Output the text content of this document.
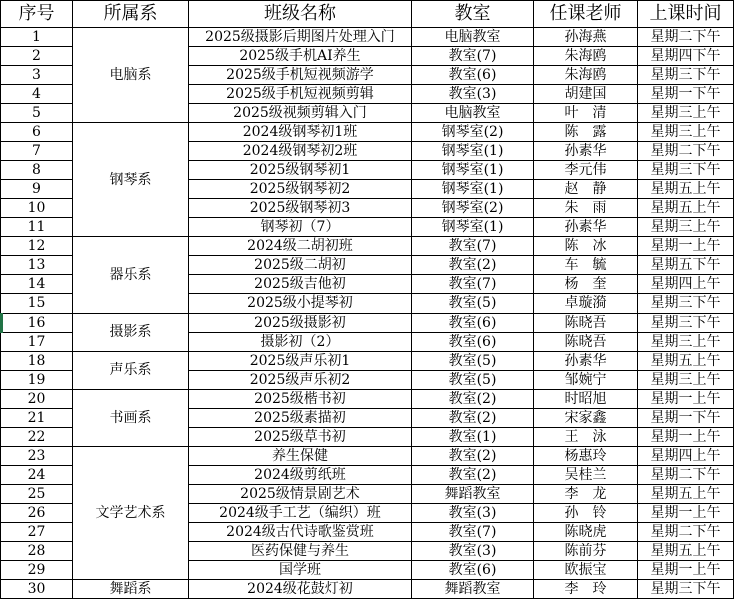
序号	所属系	班级名称	教室	任课老师	上课时间
1	电脑系	2025级摄影后期图片处理入门	电脑教室	孙海燕	星期二下午
2		2025级手机AI养生	教室(7)	朱海鸥	星期四下午
3		2025级手机短视频游学	教室(6)	朱海鸥	星期三下午
4		2025级手机短视频剪辑	教室(3)	胡建国	星期一下午
5		2025级视频剪辑入门	电脑教室	叶　清	星期三上午
6	钢琴系	2024级钢琴初1班	钢琴室(2)	陈　露	星期三上午
7		2024级钢琴初2班	钢琴室(1)	孙素华	星期二下午
8		2025级钢琴初1	钢琴室(1)	李元伟	星期三下午
9		2025级钢琴初2	钢琴室(1)	赵　静	星期五上午
10		2025级钢琴初3	钢琴室(2)	朱　雨	星期五上午
11		钢琴初（7）	钢琴室(1)	孙素华	星期三上午
12	器乐系	2024级二胡初班	教室(7)	陈　冰	星期一上午
13		2025级二胡初	教室(2)	车　毓	星期五下午
14		2025级吉他初	教室(7)	杨　奎	星期四上午
15		2025级小提琴初	教室(5)	卓璇漪	星期三下午
16	摄影系	2025级摄影初	教室(6)	陈晓吾	星期三下午
17		摄影初（2）	教室(6)	陈晓吾	星期三上午
18	声乐系	2025级声乐初1	教室(5)	孙素华	星期五上午
19		2025级声乐初2	教室(5)	邹婉宁	星期三上午
20	书画系	2025级楷书初	教室(2)	时昭旭	星期一上午
21		2025级素描初	教室(2)	宋家鑫	星期一下午
22		2025级草书初	教室(1)	王　泳	星期一上午
23	文学艺术系	养生保健	教室(2)	杨惠玲	星期四上午
24		2024级剪纸班	教室(2)	吴桂兰	星期二下午
25		2025级情景剧艺术	舞蹈教室	李　龙	星期五上午
26		2024级手工艺（编织）班	教室(3)	孙　铃	星期一上午
27		2024级古代诗歌鉴赏班	教室(7)	陈晓虎	星期二下午
28		医药保健与养生	教室(3)	陈前芬	星期五上午
29		国学班	教室(6)	欧振宝	星期一上午
30	舞蹈系	2024级花鼓灯初	舞蹈教室	李　玲	星期三下午
